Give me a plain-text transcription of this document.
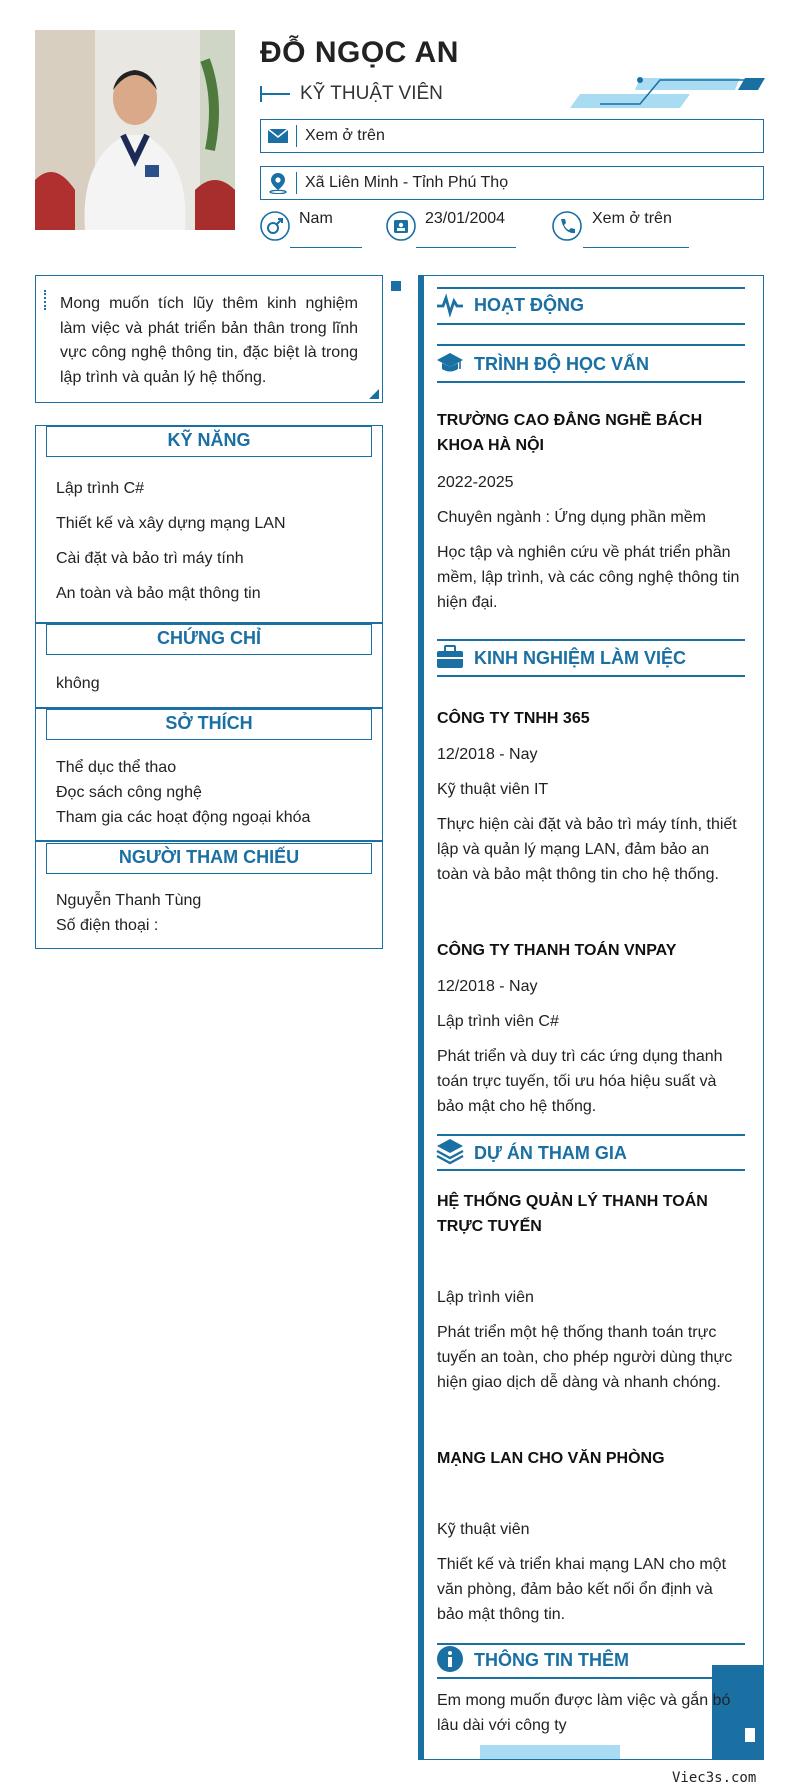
ĐỖ NGỌC AN
KỸ THUẬT VIÊN
Xem ở trên
Xã Liên Minh - Tỉnh Phú Thọ
Nam	23/01/2004	Xem ở trên
Mong muốn tích lũy thêm kinh nghiệm làm việc và phát triển bản thân trong lĩnh vực công nghệ thông tin, đặc biệt là trong lập trình và quản lý hệ thống.
KỸ NĂNG
Lập trình C#
Thiết kế và xây dựng mạng LAN
Cài đặt và bảo trì máy tính
An toàn và bảo mật thông tin
CHỨNG CHỈ
không
SỞ THÍCH
Thể dục thể thao
Đọc sách công nghệ
Tham gia các hoạt động ngoại khóa
NGƯỜI THAM CHIẾU
Nguyễn Thanh Tùng
Số điện thoại :
HOẠT ĐỘNG
TRÌNH ĐỘ HỌC VẤN
TRƯỜNG CAO ĐẲNG NGHỀ BÁCH KHOA HÀ NỘI
2022-2025
Chuyên ngành : Ứng dụng phần mềm
Học tập và nghiên cứu về phát triển phần mềm, lập trình, và các công nghệ thông tin hiện đại.
KINH NGHIỆM LÀM VIỆC
CÔNG TY TNHH 365
12/2018 - Nay
Kỹ thuật viên IT
Thực hiện cài đặt và bảo trì máy tính, thiết lập và quản lý mạng LAN, đảm bảo an toàn và bảo mật thông tin cho hệ thống.
CÔNG TY THANH TOÁN VNPAY
12/2018 - Nay
Lập trình viên C#
Phát triển và duy trì các ứng dụng thanh toán trực tuyến, tối ưu hóa hiệu suất và bảo mật cho hệ thống.
DỰ ÁN THAM GIA
HỆ THỐNG QUẢN LÝ THANH TOÁN TRỰC TUYẾN
Lập trình viên
Phát triển một hệ thống thanh toán trực tuyến an toàn, cho phép người dùng thực hiện giao dịch dễ dàng và nhanh chóng.
MẠNG LAN CHO VĂN PHÒNG
Kỹ thuật viên
Thiết kế và triển khai mạng LAN cho một văn phòng, đảm bảo kết nối ổn định và bảo mật thông tin.
THÔNG TIN THÊM
Em mong muốn được làm việc và gắn bó lâu dài với công ty
Viec3s.com
